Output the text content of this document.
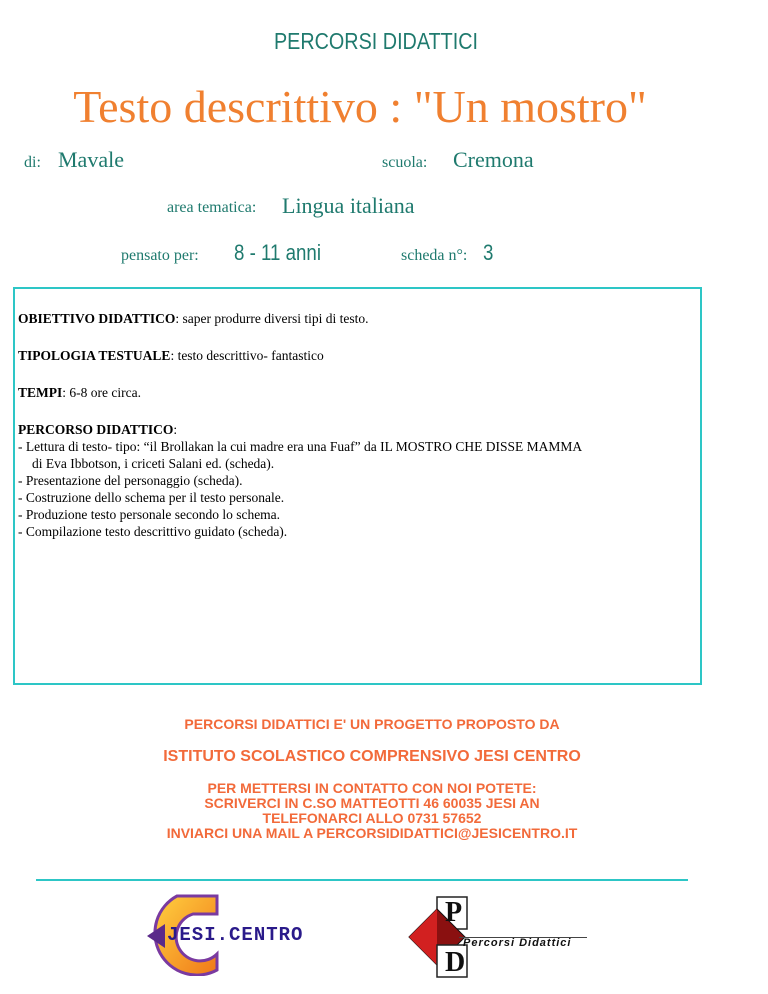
PERCORSI DIDATTICI
Testo descrittivo : "Un mostro"
di: Mavale	scuola: Cremona
area tematica: Lingua italiana
pensato per: 8 - 11 anni	scheda n°: 3

OBIETTIVO DIDATTICO: saper produrre diversi tipi di testo.

TIPOLOGIA TESTUALE: testo descrittivo- fantastico

TEMPI: 6-8 ore circa.

PERCORSO DIDATTICO:

- Lettura di testo- tipo: “il Brollakan la cui madre era una Fuaf” da IL MOSTRO CHE DISSE MAMMA
di Eva Ibbotson, i criceti Salani ed. (scheda).
- Presentazione del personaggio (scheda).
- Costruzione dello schema per il testo personale.
- Produzione testo personale secondo lo schema.
- Compilazione testo descrittivo guidato (scheda).
PERCORSI DIDATTICI E' UN PROGETTO PROPOSTO DA
ISTITUTO SCOLASTICO COMPRENSIVO JESI CENTRO
PER METTERSI IN CONTATTO CON NOI POTETE:
SCRIVERCI IN C.SO MATTEOTTI 46 60035 JESI AN
TELEFONARCI ALLO 0731 57652
INVIARCI UNA MAIL A PERCORSIDIDATTICI@JESICENTRO.IT
JESI.CENTRO
P
D
Percorsi Didattici
